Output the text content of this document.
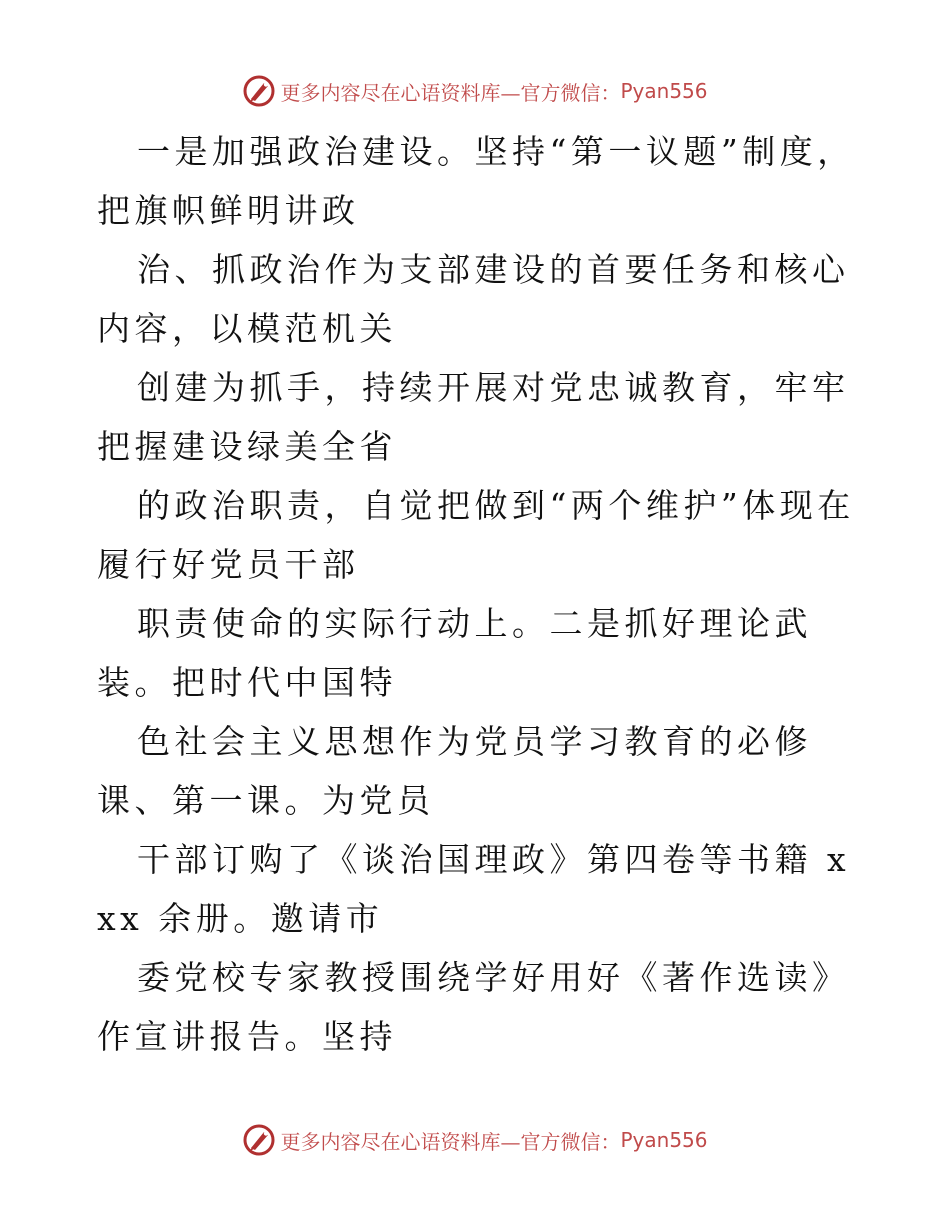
更多内容尽在心语资料库—官方微信： Pyan556

一是加强政治建设。坚持“第一议题”制度，把旗帜鲜明讲政

治、抓政治作为支部建设的首要任务和核心内容，以模范机关

创建为抓手，持续开展对党忠诚教育，牢牢把握建设绿美全省

的政治职责，自觉把做到“两个维护”体现在履行好党员干部

职责使命的实际行动上。二是抓好理论武装。把时代中国特

色社会主义思想作为党员学习教育的必修课、第一课。为党员

干部订购了《谈治国理政》第四卷等书籍 xxx 余册。邀请市

委党校专家教授围绕学好用好《著作选读》作宣讲报告。坚持

更多内容尽在心语资料库—官方微信： Pyan556
